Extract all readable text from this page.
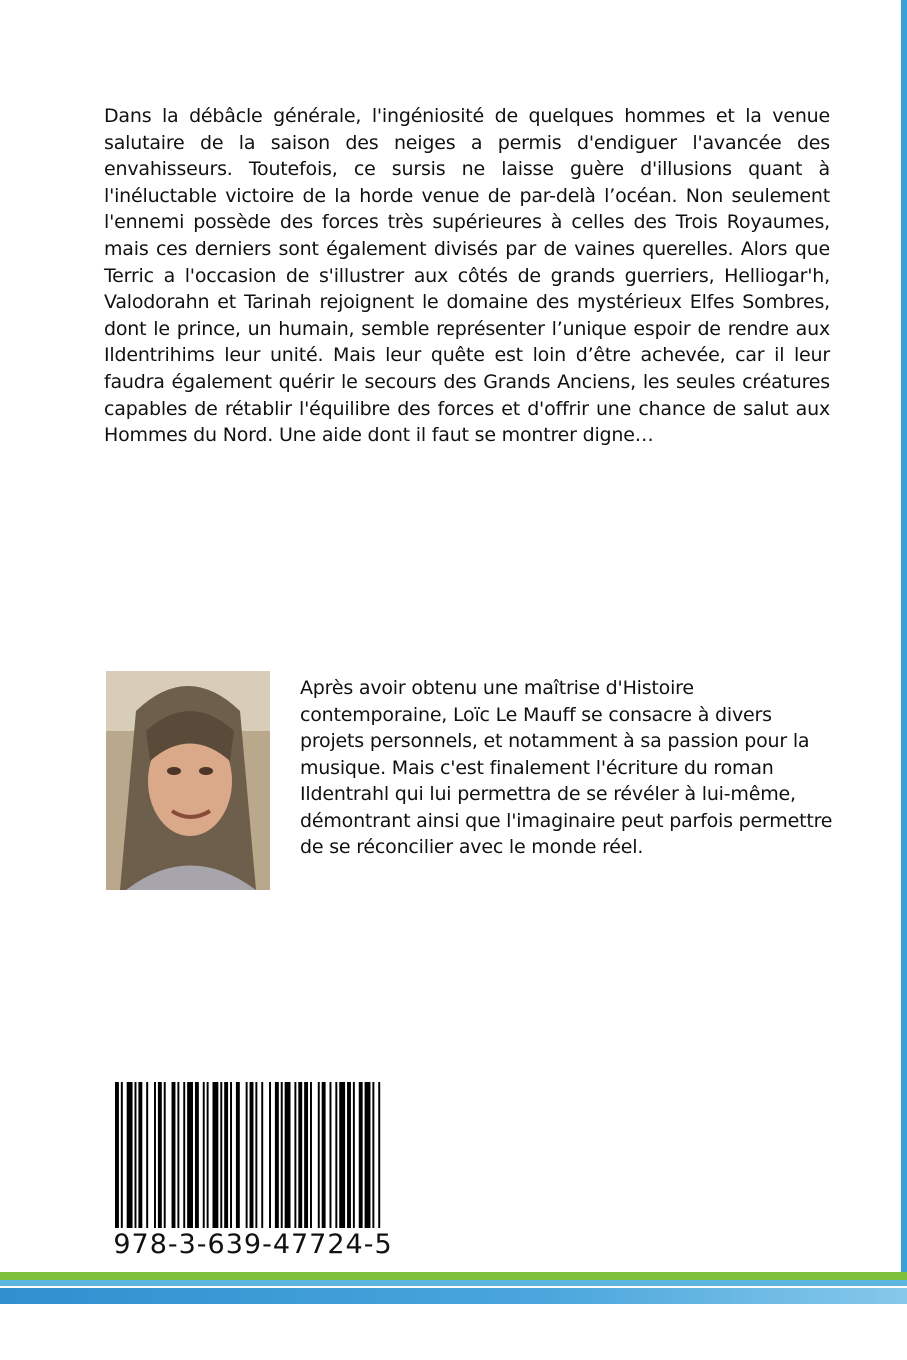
Dans la débâcle générale, l'ingéniosité de quelques hommes et la venue salutaire de la saison des neiges a permis d'endiguer l'avancée des envahisseurs. Toutefois, ce sursis ne laisse guère d'illusions quant à l'inéluctable victoire de la horde venue de par-delà l’océan. Non seulement l'ennemi possède des forces très supérieures à celles des Trois Royaumes, mais ces derniers sont également divisés par de vaines querelles. Alors que Terric a l'occasion de s'illustrer aux côtés de grands guerriers, Helliogar'h, Valodorahn et Tarinah rejoignent le domaine des mystérieux Elfes Sombres, dont le prince, un humain, semble représenter l’unique espoir de rendre aux Ildentrihims leur unité. Mais leur quête est loin d’être achevée, car il leur faudra également quérir le secours des Grands Anciens, les seules créatures capables de rétablir l'équilibre des forces et d'offrir une chance de salut aux Hommes du Nord. Une aide dont il faut se montrer digne…

Après avoir obtenu une maîtrise d'Histoire contemporaine, Loïc Le Mauff se consacre à divers projets personnels, et notamment à sa passion pour la musique. Mais c'est finalement l'écriture du roman Ildentrahl qui lui permettra de se révéler à lui-même, démontrant ainsi que l'imaginaire peut parfois permettre de se réconcilier avec le monde réel.

978-3-639-47724-5
